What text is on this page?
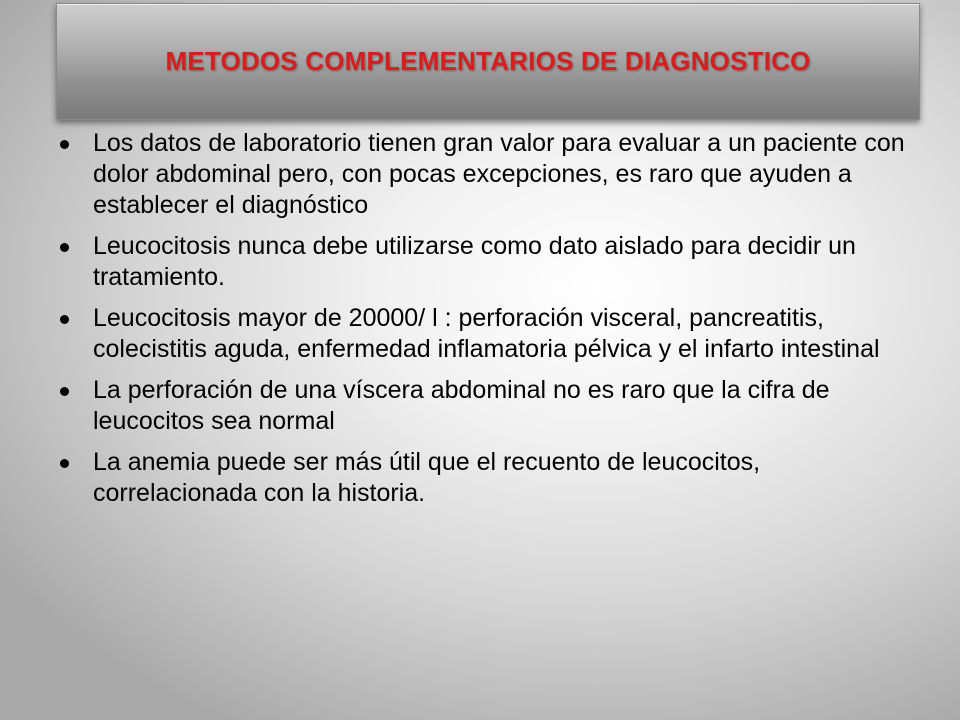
METODOS COMPLEMENTARIOS DE DIAGNOSTICO
Los datos de laboratorio tienen gran valor para evaluar a un paciente con dolor abdominal pero, con pocas excepciones, es raro que ayuden a establecer el diagnóstico
Leucocitosis nunca debe utilizarse como dato aislado para decidir un tratamiento.
Leucocitosis mayor de 20000/ l : perforación visceral, pancreatitis, colecistitis aguda, enfermedad inflamatoria pélvica y el infarto intestinal
La perforación de una víscera abdominal no es raro que la cifra de leucocitos sea normal
La anemia puede ser más útil que el recuento de leucocitos, correlacionada con la historia.
